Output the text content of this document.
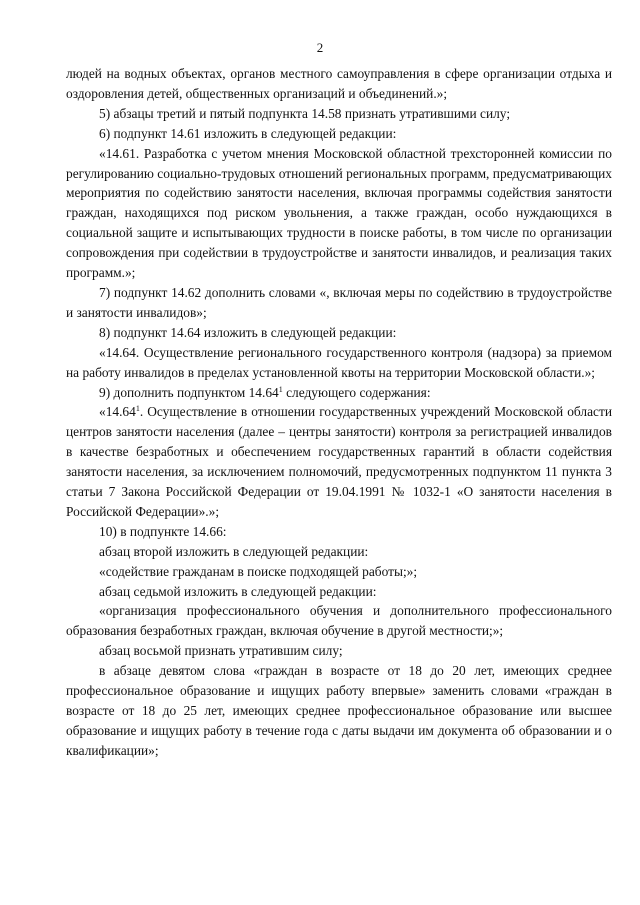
2

людей на водных объектах, органов местного самоуправления в сфере организации отдыха и оздоровления детей, общественных организаций и объединений.»;

5) абзацы третий и пятый подпункта 14.58 признать утратившими силу;

6) подпункт 14.61 изложить в следующей редакции:

«14.61. Разработка с учетом мнения Московской областной трехсторонней комиссии по регулированию социально-трудовых отношений региональных программ, предусматривающих мероприятия по содействию занятости населения, включая программы содействия занятости граждан, находящихся под риском увольнения, а также граждан, особо нуждающихся в социальной защите и испытывающих трудности в поиске работы, в том числе по организации сопровождения при содействии в трудоустройстве и занятости инвалидов, и реализация таких программ.»;

7) подпункт 14.62 дополнить словами «, включая меры по содействию в трудоустройстве и занятости инвалидов»;

8) подпункт 14.64 изложить в следующей редакции:

«14.64. Осуществление регионального государственного контроля (надзора) за приемом на работу инвалидов в пределах установленной квоты на территории Московской области.»;

9) дополнить подпунктом 14.64$^1$ следующего содержания:

«14.64$^1$. Осуществление в отношении государственных учреждений Московской области центров занятости населения (далее – центры занятости) контроля за регистрацией инвалидов в качестве безработных и обеспечением государственных гарантий в области содействия занятости населения, за исключением полномочий, предусмотренных подпунктом 11 пункта 3 статьи 7 Закона Российской Федерации от 19.04.1991 № 1032-1 «О занятости населения в Российской Федерации».»;

10) в подпункте 14.66:

абзац второй изложить в следующей редакции:

«содействие гражданам в поиске подходящей работы;»;

абзац седьмой изложить в следующей редакции:

«организация профессионального обучения и дополнительного профессионального образования безработных граждан, включая обучение в другой местности;»;

абзац восьмой признать утратившим силу;

в абзаце девятом слова «граждан в возрасте от 18 до 20 лет, имеющих среднее профессиональное образование и ищущих работу впервые» заменить словами «граждан в возрасте от 18 до 25 лет, имеющих среднее профессиональное образование или высшее образование и ищущих работу в течение года с даты выдачи им документа об образовании и о квалификации»;
